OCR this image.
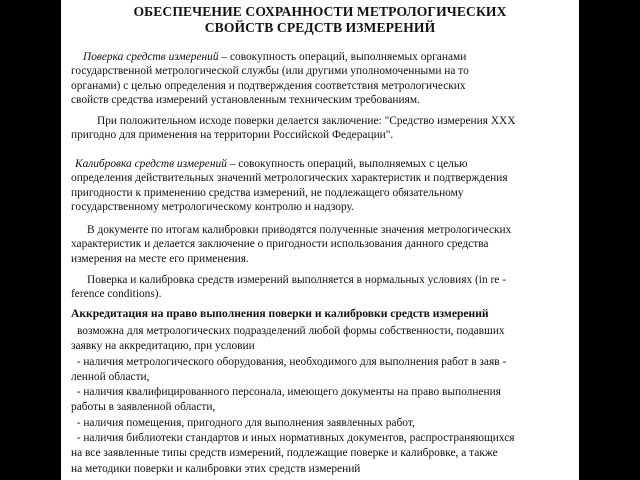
ОБЕСПЕЧЕНИЕ СОХРАННОСТИ МЕТРОЛОГИЧЕСКИХ
СВОЙСТВ СРЕДСТВ ИЗМЕРЕНИЙ
Поверка средств измерений – совокупность операций, выполняемых органами
государственной метрологической службы (или другими уполномоченными на то
органами) с целью определения и подтверждения соответствия метрологических
свойств средства измерений установленным техническим требованиям.
При положительном исходе поверки делается заключение: "Средство измерения ХХХ
пригодно для применения на территории Российской Федерации".
Калибровка средств измерений – совокупность операций, выполняемых с целью
определения действительных значений метрологических характеристик и подтверждения
пригодности к применению средства измерений, не подлежащего обязательному
государственному метрологическому контролю и надзору.
В документе по итогам калибровки приводятся полученные значения метрологических
характеристик и делается заключение о пригодности использования данного средства
измерения на месте его применения.
Поверка и калибровка средств измерений выполняется в нормальных условиях (in re -
ference conditions).
Аккредитация на право выполнения поверки и калибровки средств измерений
возможна для метрологических подразделений любой формы собственности, подавших
заявку на аккредитацию, при условии
- наличия метрологического оборудования, необходимого для выполнения работ в заяв -
ленной области,
- наличия квалифицированного персонала, имеющего документы на право выполнения
работы в заявленной области,
- наличия помещения, пригодного для выполнения заявленных работ,
- наличия библиотеки стандартов и иных нормативных документов, распространяющихся
на все заявленные типы средств измерений, подлежащие поверке и калибровке, а также
на методики поверки и калибровки этих средств измерений
